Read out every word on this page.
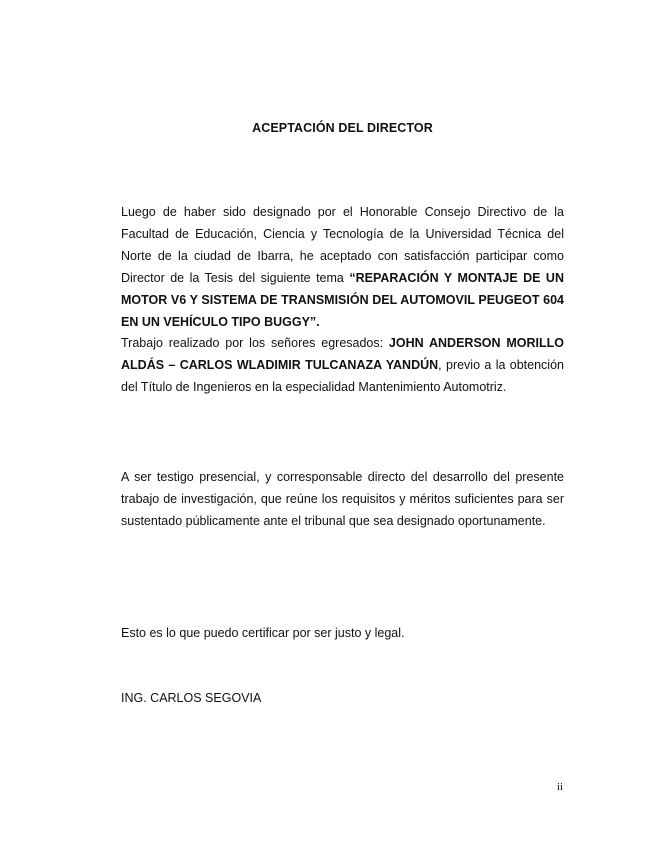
ACEPTACIÓN DEL DIRECTOR

Luego de haber sido designado por el Honorable Consejo Directivo de la Facultad de Educación, Ciencia y Tecnología de la Universidad Técnica del Norte de la ciudad de Ibarra, he aceptado con satisfacción participar como Director de la Tesis del siguiente tema “REPARACIÓN Y MONTAJE DE UN MOTOR V6 Y SISTEMA DE TRANSMISIÓN DEL AUTOMOVIL PEUGEOT 604 EN UN VEHÍCULO TIPO BUGGY”.

Trabajo realizado por los señores egresados: JOHN ANDERSON MORILLO ALDÁS – CARLOS WLADIMIR TULCANAZA YANDÚN, previo a la obtención del Título de Ingenieros en la especialidad Mantenimiento Automotriz.

A ser testigo presencial, y corresponsable directo del desarrollo del presente trabajo de investigación, que reúne los requisitos y méritos suficientes para ser sustentado públicamente ante el tribunal que sea designado oportunamente.

Esto es lo que puedo certificar por ser justo y legal.

ING. CARLOS SEGOVIA

ii
